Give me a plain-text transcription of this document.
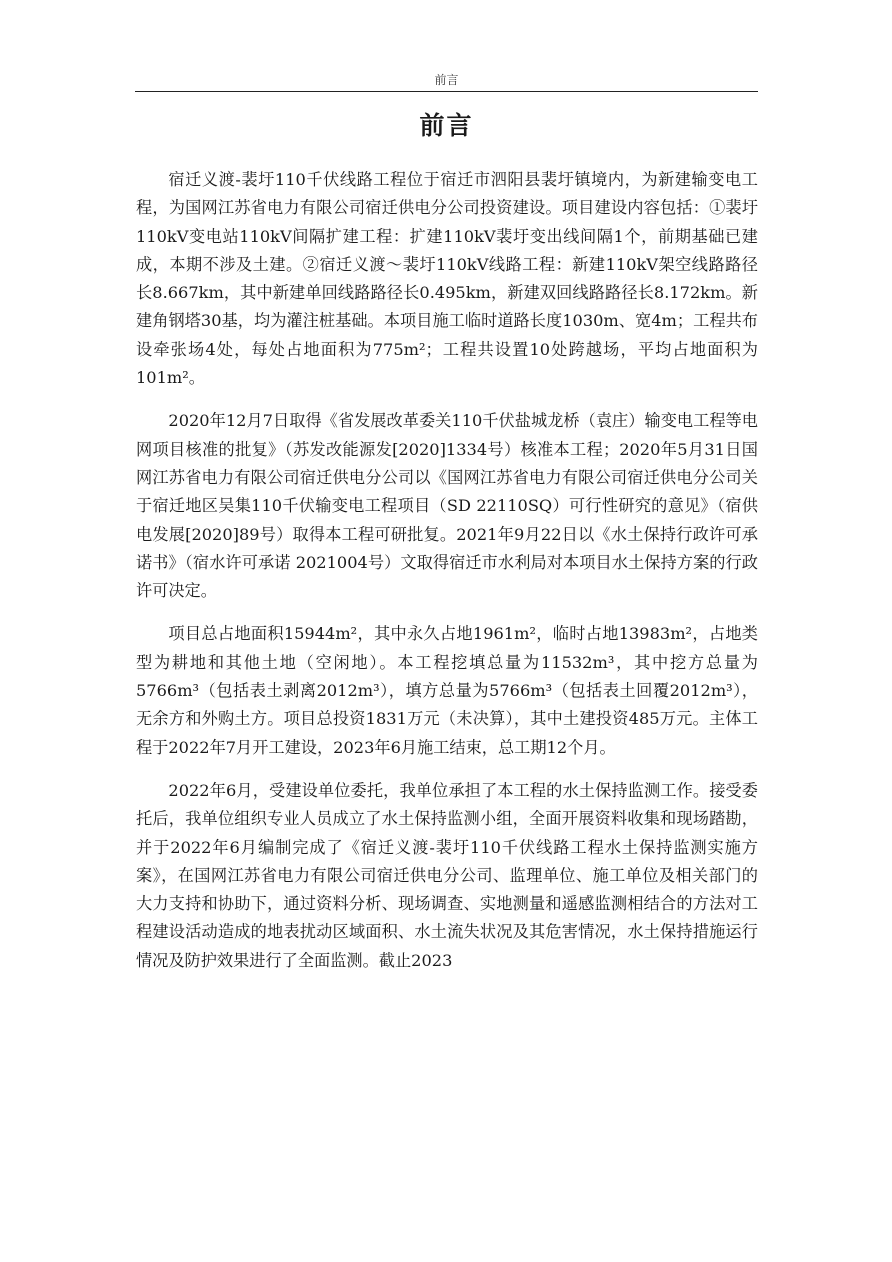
前言
前言

宿迁义渡-裴圩110千伏线路工程位于宿迁市泗阳县裴圩镇境内，为新建输变电工程，为国网江苏省电力有限公司宿迁供电分公司投资建设。项目建设内容包括：①裴圩110kV变电站110kV间隔扩建工程：扩建110kV裴圩变出线间隔1个，前期基础已建成，本期不涉及土建。②宿迁义渡～裴圩110kV线路工程：新建110kV架空线路路径长8.667km，其中新建单回线路路径长0.495km，新建双回线路路径长8.172km。新建角钢塔30基，均为灌注桩基础。本项目施工临时道路长度1030m、宽4m；工程共布设牵张场4处，每处占地面积为775m²；工程共设置10处跨越场，平均占地面积为101m²。

2020年12月7日取得《省发展改革委关110千伏盐城龙桥（袁庄）输变电工程等电网项目核准的批复》（苏发改能源发[2020]1334号）核准本工程；2020年5月31日国网江苏省电力有限公司宿迁供电分公司以《国网江苏省电力有限公司宿迁供电分公司关于宿迁地区吴集110千伏输变电工程项目（SD 22110SQ）可行性研究的意见》（宿供电发展[2020]89号）取得本工程可研批复。2021年9月22日以《水土保持行政许可承诺书》（宿水许可承诺 2021004号）文取得宿迁市水利局对本项目水土保持方案的行政许可决定。

项目总占地面积15944m²，其中永久占地1961m²，临时占地13983m²，占地类型为耕地和其他土地（空闲地）。本工程挖填总量为11532m³，其中挖方总量为5766m³（包括表土剥离2012m³），填方总量为5766m³（包括表土回覆2012m³），无余方和外购土方。项目总投资1831万元（未决算），其中土建投资485万元。主体工程于2022年7月开工建设，2023年6月施工结束，总工期12个月。

2022年6月，受建设单位委托，我单位承担了本工程的水土保持监测工作。接受委托后，我单位组织专业人员成立了水土保持监测小组，全面开展资料收集和现场踏勘，并于2022年6月编制完成了《宿迁义渡-裴圩110千伏线路工程水土保持监测实施方案》，在国网江苏省电力有限公司宿迁供电分公司、监理单位、施工单位及相关部门的大力支持和协助下，通过资料分析、现场调查、实地测量和遥感监测相结合的方法对工程建设活动造成的地表扰动区域面积、水土流失状况及其危害情况，水土保持措施运行情况及防护效果进行了全面监测。截止2023
